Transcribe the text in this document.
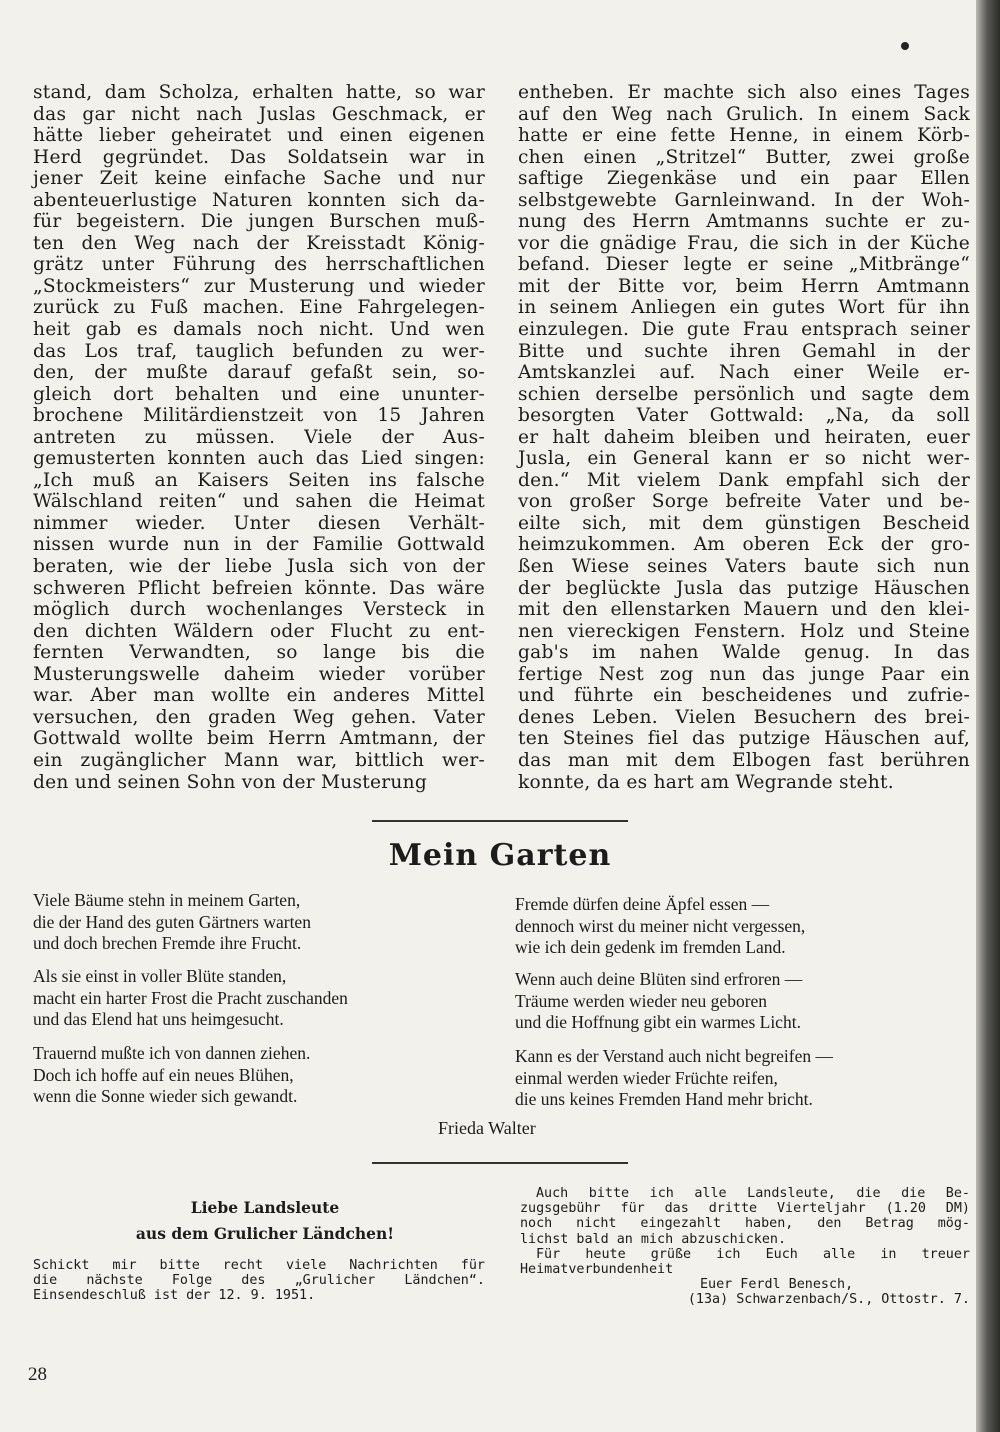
stand, dam Scholza, erhalten hatte, so war
das gar nicht nach Juslas Geschmack, er
hätte lieber geheiratet und einen eigenen
Herd gegründet. Das Soldatsein war in
jener Zeit keine einfache Sache und nur
abenteuerlustige Naturen konnten sich da-
für begeistern. Die jungen Burschen muß-
ten den Weg nach der Kreisstadt König-
grätz unter Führung des herrschaftlichen
„Stockmeisters“ zur Musterung und wieder
zurück zu Fuß machen. Eine Fahrgelegen-
heit gab es damals noch nicht. Und wen
das Los traf, tauglich befunden zu wer-
den, der mußte darauf gefaßt sein, so-
gleich dort behalten und eine ununter-
brochene Militärdienstzeit von 15 Jahren
antreten zu müssen. Viele der Aus-
gemusterten konnten auch das Lied singen:
„Ich muß an Kaisers Seiten ins falsche
Wälschland reiten“ und sahen die Heimat
nimmer wieder. Unter diesen Verhält-
nissen wurde nun in der Familie Gottwald
beraten, wie der liebe Jusla sich von der
schweren Pflicht befreien könnte. Das wäre
möglich durch wochenlanges Versteck in
den dichten Wäldern oder Flucht zu ent-
fernten Verwandten, so lange bis die
Musterungswelle daheim wieder vorüber
war. Aber man wollte ein anderes Mittel
versuchen, den graden Weg gehen. Vater
Gottwald wollte beim Herrn Amtmann, der
ein zugänglicher Mann war, bittlich wer-
den und seinen Sohn von der Musterung
entheben. Er machte sich also eines Tages
auf den Weg nach Grulich. In einem Sack
hatte er eine fette Henne, in einem Körb-
chen einen „Stritzel“ Butter, zwei große
saftige Ziegenkäse und ein paar Ellen
selbstgewebte Garnleinwand. In der Woh-
nung des Herrn Amtmanns suchte er zu-
vor die gnädige Frau, die sich in der Küche
befand. Dieser legte er seine „Mitbränge“
mit der Bitte vor, beim Herrn Amtmann
in seinem Anliegen ein gutes Wort für ihn
einzulegen. Die gute Frau entsprach seiner
Bitte und suchte ihren Gemahl in der
Amtskanzlei auf. Nach einer Weile er-
schien derselbe persönlich und sagte dem
besorgten Vater Gottwald: „Na, da soll
er halt daheim bleiben und heiraten, euer
Jusla, ein General kann er so nicht wer-
den.“ Mit vielem Dank empfahl sich der
von großer Sorge befreite Vater und be-
eilte sich, mit dem günstigen Bescheid
heimzukommen. Am oberen Eck der gro-
ßen Wiese seines Vaters baute sich nun
der beglückte Jusla das putzige Häuschen
mit den ellenstarken Mauern und den klei-
nen viereckigen Fenstern. Holz und Steine
gab's im nahen Walde genug. In das
fertige Nest zog nun das junge Paar ein
und führte ein bescheidenes und zufrie-
denes Leben. Vielen Besuchern des brei-
ten Steines fiel das putzige Häuschen auf,
das man mit dem Elbogen fast berühren
konnte, da es hart am Wegrande steht.
Mein Garten
Viele Bäume stehn in meinem Garten,
die der Hand des guten Gärtners warten
und doch brechen Fremde ihre Frucht.
Als sie einst in voller Blüte standen,
macht ein harter Frost die Pracht zuschanden
und das Elend hat uns heimgesucht.
Trauernd mußte ich von dannen ziehen.
Doch ich hoffe auf ein neues Blühen,
wenn die Sonne wieder sich gewandt.
Fremde dürfen deine Äpfel essen —
dennoch wirst du meiner nicht vergessen,
wie ich dein gedenk im fremden Land.
Wenn auch deine Blüten sind erfroren —
Träume werden wieder neu geboren
und die Hoffnung gibt ein warmes Licht.
Kann es der Verstand auch nicht begreifen —
einmal werden wieder Früchte reifen,
die uns keines Fremden Hand mehr bricht.
Frieda Walter
Liebe Landsleute
aus dem Grulicher Ländchen!
Schickt mir bitte recht viele Nachrichten für
die nächste Folge des „Grulicher Ländchen“.
Einsendeschluß ist der 12. 9. 1951.
Auch bitte ich alle Landsleute, die die Be-
zugsgebühr für das dritte Vierteljahr (1.20 DM)
noch nicht eingezahlt haben, den Betrag mög-
lichst bald an mich abzuschicken.
Für heute grüße ich Euch alle in treuer
Heimatverbundenheit
Euer Ferdl Benesch,
(13a) Schwarzenbach/S., Ottostr. 7.
28
